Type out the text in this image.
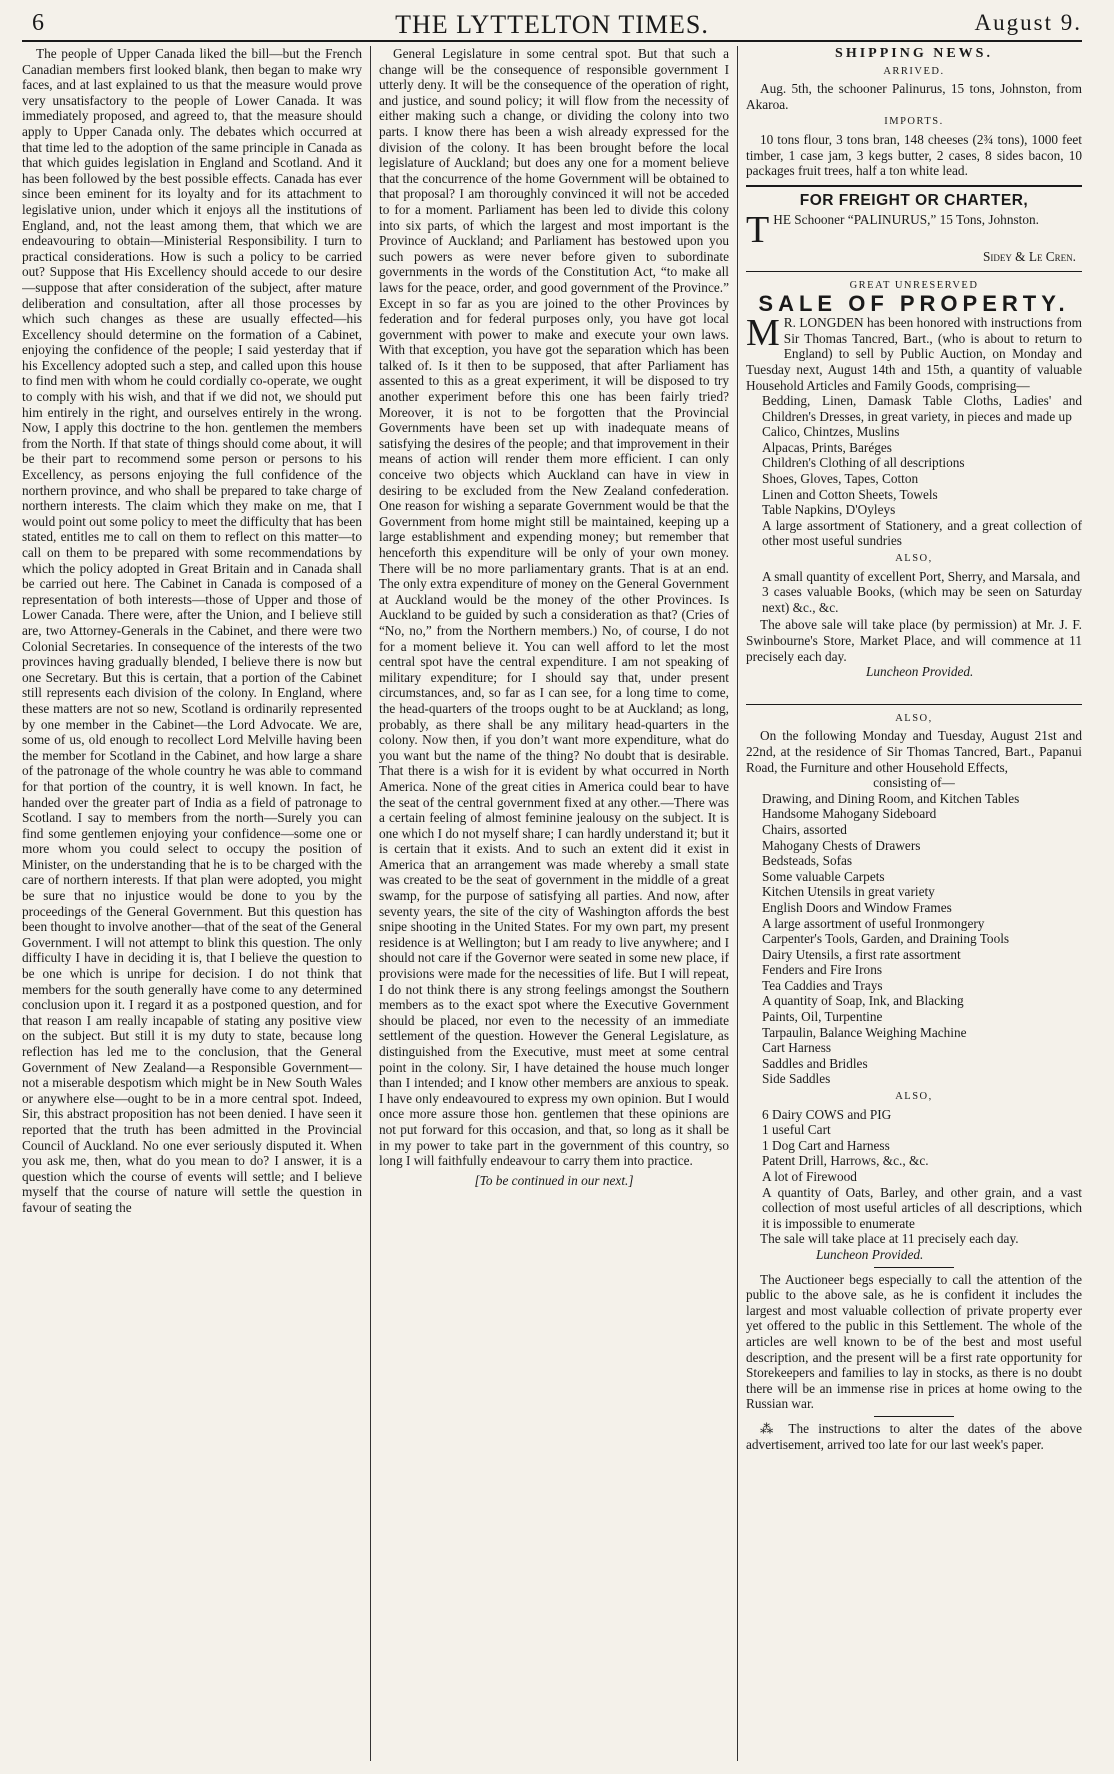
6	THE LYTTELTON TIMES.	August 9.

The people of Upper Canada liked the bill—but the French Canadian members first looked blank, then began to make wry faces, and at last explained to us that the measure would prove very unsatisfactory to the people of Lower Canada. It was immediately proposed, and agreed to, that the measure should apply to Upper Canada only. The debates which occurred at that time led to the adoption of the same principle in Canada as that which guides legislation in England and Scotland. And it has been followed by the best possible effects. Canada has ever since been eminent for its loyalty and for its attachment to legislative union, under which it enjoys all the institutions of England, and, not the least among them, that which we are endeavouring to obtain—Ministerial Responsibility. I turn to practical considerations. How is such a policy to be carried out? Suppose that His Excellency should accede to our desire—suppose that after consideration of the subject, after mature deliberation and consultation, after all those processes by which such changes as these are usually effected—his Excellency should determine on the formation of a Cabinet, enjoying the confidence of the people; I said yesterday that if his Excellency adopted such a step, and called upon this house to find men with whom he could cordially co-operate, we ought to comply with his wish, and that if we did not, we should put him entirely in the right, and ourselves entirely in the wrong. Now, I apply this doctrine to the hon. gentlemen the members from the North. If that state of things should come about, it will be their part to recommend some person or persons to his Excellency, as persons enjoying the full confidence of the northern province, and who shall be prepared to take charge of northern interests. The claim which they make on me, that I would point out some policy to meet the difficulty that has been stated, entitles me to call on them to reflect on this matter—to call on them to be prepared with some recommendations by which the policy adopted in Great Britain and in Canada shall be carried out here. The Cabinet in Canada is composed of a representation of both interests—those of Upper and those of Lower Canada. There were, after the Union, and I believe still are, two Attorney-Generals in the Cabinet, and there were two Colonial Secretaries. In consequence of the interests of the two provinces having gradually blended, I believe there is now but one Secretary. But this is certain, that a portion of the Cabinet still represents each division of the colony. In England, where these matters are not so new, Scotland is ordinarily represented by one member in the Cabinet—the Lord Advocate. We are, some of us, old enough to recollect Lord Melville having been the member for Scotland in the Cabinet, and how large a share of the patronage of the whole country he was able to command for that portion of the country, it is well known. In fact, he handed over the greater part of India as a field of patronage to Scotland. I say to members from the north—Surely you can find some gentlemen enjoying your confidence—some one or more whom you could select to occupy the position of Minister, on the understanding that he is to be charged with the care of northern interests. If that plan were adopted, you might be sure that no injustice would be done to you by the proceedings of the General Government. But this question has been thought to involve another—that of the seat of the General Government. I will not attempt to blink this question. The only difficulty I have in deciding it is, that I believe the question to be one which is unripe for decision. I do not think that members for the south generally have come to any determined conclusion upon it. I regard it as a postponed question, and for that reason I am really incapable of stating any positive view on the subject. But still it is my duty to state, because long reflection has led me to the conclusion, that the General Government of New Zealand—a Responsible Government—not a miserable despotism which might be in New South Wales or anywhere else—ought to be in a more central spot. Indeed, Sir, this abstract proposition has not been denied. I have seen it reported that the truth has been admitted in the Provincial Council of Auckland. No one ever seriously disputed it. When you ask me, then, what do you mean to do? I answer, it is a question which the course of events will settle; and I believe myself that the course of nature will settle the question in favour of seating the

General Legislature in some central spot. But that such a change will be the consequence of responsible government I utterly deny. It will be the consequence of the operation of right, and justice, and sound policy; it will flow from the necessity of either making such a change, or dividing the colony into two parts. I know there has been a wish already expressed for the division of the colony. It has been brought before the local legislature of Auckland; but does any one for a moment believe that the concurrence of the home Government will be obtained to that proposal? I am thoroughly convinced it will not be acceded to for a moment. Parliament has been led to divide this colony into six parts, of which the largest and most important is the Province of Auckland; and Parliament has bestowed upon you such powers as were never before given to subordinate governments in the words of the Constitution Act, “to make all laws for the peace, order, and good government of the Province.” Except in so far as you are joined to the other Provinces by federation and for federal purposes only, you have got local government with power to make and execute your own laws. With that exception, you have got the separation which has been talked of. Is it then to be supposed, that after Parliament has assented to this as a great experiment, it will be disposed to try another experiment before this one has been fairly tried? Moreover, it is not to be forgotten that the Provincial Governments have been set up with inadequate means of satisfying the desires of the people; and that improvement in their means of action will render them more efficient. I can only conceive two objects which Auckland can have in view in desiring to be excluded from the New Zealand confederation. One reason for wishing a separate Government would be that the Government from home might still be maintained, keeping up a large establishment and expending money; but remember that henceforth this expenditure will be only of your own money. There will be no more parliamentary grants. That is at an end. The only extra expenditure of money on the General Government at Auckland would be the money of the other Provinces. Is Auckland to be guided by such a consideration as that? (Cries of “No, no,” from the Northern members.) No, of course, I do not for a moment believe it. You can well afford to let the most central spot have the central expenditure. I am not speaking of military expenditure; for I should say that, under present circumstances, and, so far as I can see, for a long time to come, the head-quarters of the troops ought to be at Auckland; as long, probably, as there shall be any military head-quarters in the colony. Now then, if you don’t want more expenditure, what do you want but the name of the thing? No doubt that is desirable. That there is a wish for it is evident by what occurred in North America. None of the great cities in America could bear to have the seat of the central government fixed at any other.—There was a certain feeling of almost feminine jealousy on the subject. It is one which I do not myself share; I can hardly understand it; but it is certain that it exists. And to such an extent did it exist in America that an arrangement was made whereby a small state was created to be the seat of government in the middle of a great swamp, for the purpose of satisfying all parties. And now, after seventy years, the site of the city of Washington affords the best snipe shooting in the United States. For my own part, my present residence is at Wellington; but I am ready to live anywhere; and I should not care if the Governor were seated in some new place, if provisions were made for the necessities of life. But I will repeat, I do not think there is any strong feelings amongst the Southern members as to the exact spot where the Executive Government should be placed, nor even to the necessity of an immediate settlement of the question. However the General Legislature, as distinguished from the Executive, must meet at some central point in the colony. Sir, I have detained the house much longer than I intended; and I know other members are anxious to speak. I have only endeavoured to express my own opinion. But I would once more assure those hon. gentlemen that these opinions are not put forward for this occasion, and that, so long as it shall be in my power to take part in the government of this country, so long I will faithfully endeavour to carry them into practice.

[To be continued in our next.]
SHIPPING NEWS.
ARRIVED.

Aug. 5th, the schooner Palinurus, 15 tons, Johnston, from Akaroa.

IMPORTS.

10 tons flour, 3 tons bran, 148 cheeses (2¾ tons), 1000 feet timber, 1 case jam, 3 kegs butter, 2 cases, 8 sides bacon, 10 packages fruit trees, half a ton white lead.

FOR FREIGHT OR CHARTER,
T HE Schooner “PALINURUS,” 15 Tons, Johnston.
Sidey & Le Cren.
GREAT UNRESERVED
SALE OF PROPERTY.
M R. LONGDEN has been honored with instructions from Sir Thomas Tancred, Bart., (who is about to return to England) to sell by Public Auction, on Monday and Tuesday next, August 14th and 15th, a quantity of valuable Household Articles and Family Goods, comprising—
Bedding, Linen, Damask Table Cloths, Ladies' and Children's Dresses, in great variety, in pieces and made up
Calico, Chintzes, Muslins
Alpacas, Prints, Baréges
Children's Clothing of all descriptions
Shoes, Gloves, Tapes, Cotton
Linen and Cotton Sheets, Towels
Table Napkins, D'Oyleys
A large assortment of Stationery, and a great collection of other most useful sundries
ALSO,
A small quantity of excellent Port, Sherry, and Marsala, and
3 cases valuable Books, (which may be seen on Saturday next) &c., &c.

The above sale will take place (by permission) at Mr. J. F. Swinbourne's Store, Market Place, and will commence at 11 precisely each day.

Luncheon Provided.
ALSO,

On the following Monday and Tuesday, August 21st and 22nd, at the residence of Sir Thomas Tancred, Bart., Papanui Road, the Furniture and other Household Effects,

consisting of—
Drawing, and Dining Room, and Kitchen Tables
Handsome Mahogany Sideboard
Chairs, assorted
Mahogany Chests of Drawers
Bedsteads, Sofas
Some valuable Carpets
Kitchen Utensils in great variety
English Doors and Window Frames
A large assortment of useful Ironmongery
Carpenter's Tools, Garden, and Draining Tools
Dairy Utensils, a first rate assortment
Fenders and Fire Irons
Tea Caddies and Trays
A quantity of Soap, Ink, and Blacking
Paints, Oil, Turpentine
Tarpaulin, Balance Weighing Machine
Cart Harness
Saddles and Bridles
Side Saddles
ALSO,
6 Dairy COWS and PIG
1 useful Cart
1 Dog Cart and Harness
Patent Drill, Harrows, &c., &c.
A lot of Firewood
A quantity of Oats, Barley, and other grain, and a vast collection of most useful articles of all descriptions, which it is impossible to enumerate

The sale will take place at 11 precisely each day.

Luncheon Provided.

The Auctioneer begs especially to call the attention of the public to the above sale, as he is confident it includes the largest and most valuable collection of private property ever yet offered to the public in this Settlement. The whole of the articles are well known to be of the best and most useful description, and the present will be a first rate opportunity for Storekeepers and families to lay in stocks, as there is no doubt there will be an immense rise in prices at home owing to the Russian war.

⁂ The instructions to alter the dates of the above advertisement, arrived too late for our last week's paper.
